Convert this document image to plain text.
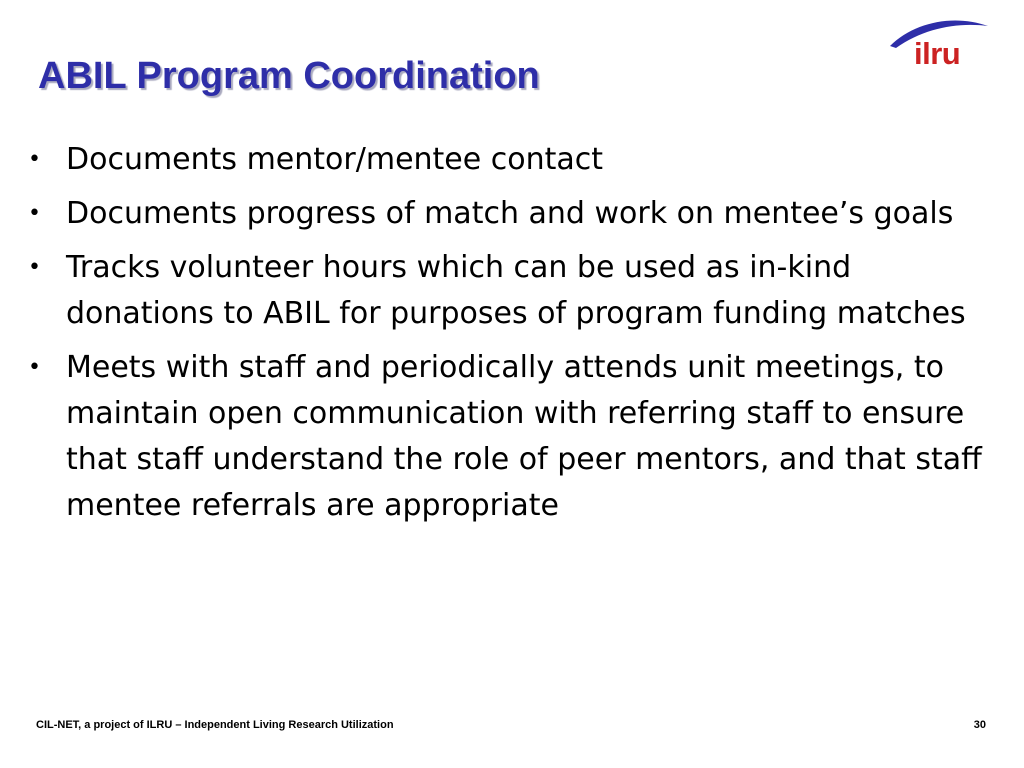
ABIL Program Coordination
ilru
• Documents mentor/mentee contact
• Documents progress of match and work on mentee’s goals
• Tracks volunteer hours which can be used as in-kind donations to ABIL for purposes of program funding matches
• Meets with staff and periodically attends unit meetings, to maintain open communication with referring staff to ensure that staff understand the role of peer mentors, and that staff mentee referrals are appropriate
CIL-NET, a project of ILRU – Independent Living Research Utilization	30
